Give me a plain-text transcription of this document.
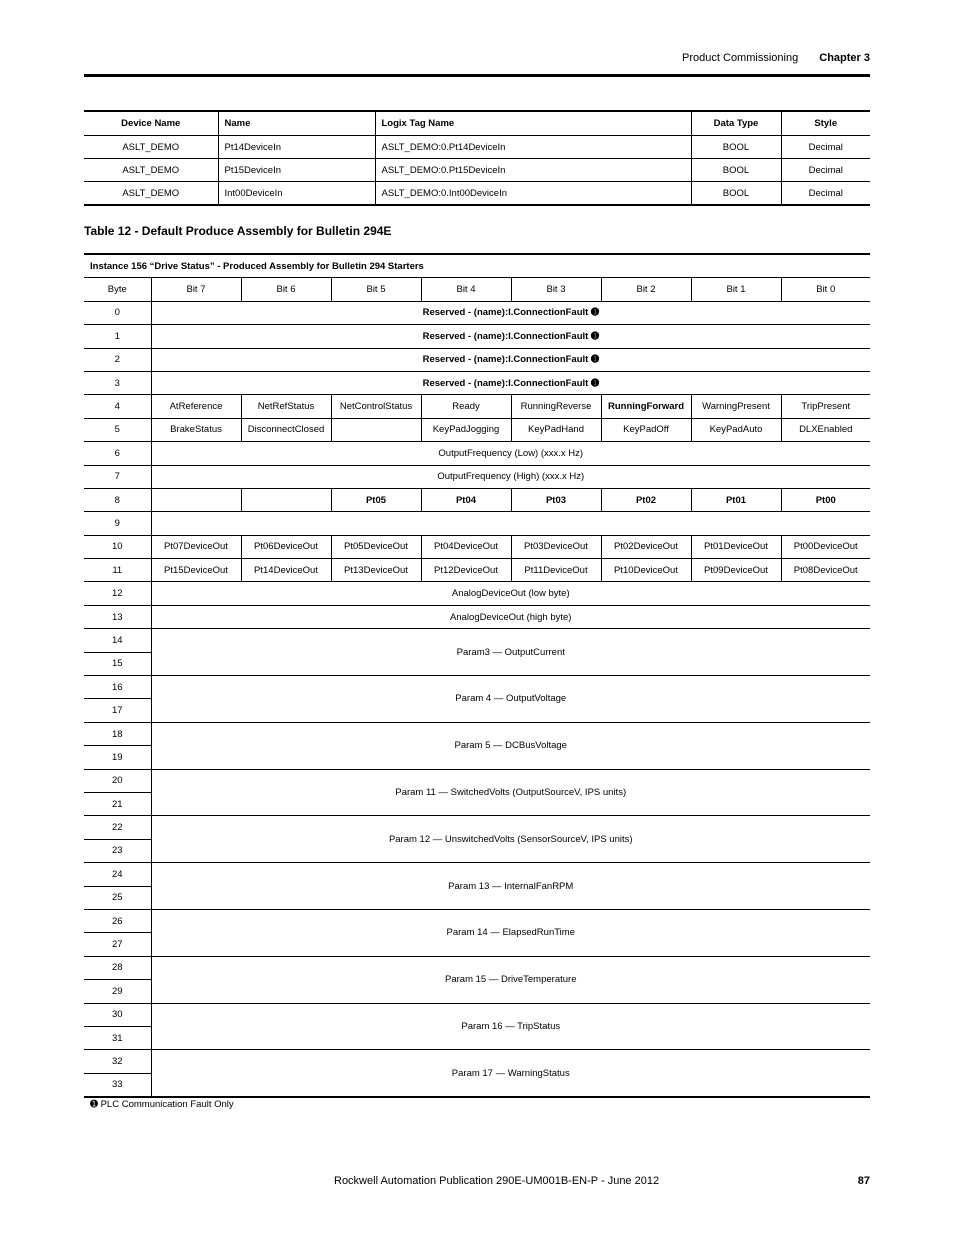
Product Commissioning Chapter 3
Device Name	Name	Logix Tag Name	Data Type	Style
ASLT_DEMO	Pt14DeviceIn	ASLT_DEMO:0.Pt14DeviceIn	BOOL	Decimal
ASLT_DEMO	Pt15DeviceIn	ASLT_DEMO:0.Pt15DeviceIn	BOOL	Decimal
ASLT_DEMO	Int00DeviceIn	ASLT_DEMO:0.Int00DeviceIn	BOOL	Decimal
Table 12 - Default Produce Assembly for Bulletin 294E
Instance 156 “Drive Status” - Produced Assembly for Bulletin 294 Starters								
Byte	Bit 7	Bit 6	Bit 5	Bit 4	Bit 3	Bit 2	Bit 1	Bit 0
0	Reserved - (name):I.ConnectionFault ➊							
1	Reserved - (name):I.ConnectionFault ➊							
2	Reserved - (name):I.ConnectionFault ➊							
3	Reserved - (name):I.ConnectionFault ➊							
4	AtReference	NetRefStatus	NetControlStatus	Ready	RunningReverse	RunningForward	WarningPresent	TripPresent
5	BrakeStatus	DisconnectClosed		KeyPadJogging	KeyPadHand	KeyPadOff	KeyPadAuto	DLXEnabled
6	OutputFrequency (Low) (xxx.x Hz)							
7	OutputFrequency (High) (xxx.x Hz)							
8			Pt05	Pt04	Pt03	Pt02	Pt01	Pt00
9								
10	Pt07DeviceOut	Pt06DeviceOut	Pt05DeviceOut	Pt04DeviceOut	Pt03DeviceOut	Pt02DeviceOut	Pt01DeviceOut	Pt00DeviceOut
11	Pt15DeviceOut	Pt14DeviceOut	Pt13DeviceOut	Pt12DeviceOut	Pt11DeviceOut	Pt10DeviceOut	Pt09DeviceOut	Pt08DeviceOut
12	AnalogDeviceOut (low byte)							
13	AnalogDeviceOut (high byte)							
14	Param3 — OutputCurrent							
15								
16	Param 4 — OutputVoltage							
17								
18	Param 5 — DCBusVoltage							
19								
20	Param 11 — SwitchedVolts (OutputSourceV, IPS units)							
21								
22	Param 12 — UnswitchedVolts (SensorSourceV, IPS units)							
23								
24	Param 13 — InternalFanRPM							
25								
26	Param 14 — ElapsedRunTime							
27								
28	Param 15 — DriveTemperature							
29								
30	Param 16 — TripStatus							
31								
32	Param 17 — WarningStatus							
33								
➊ PLC Communication Fault Only
Rockwell Automation Publication 290E-UM001B-EN-P - June 2012	87
